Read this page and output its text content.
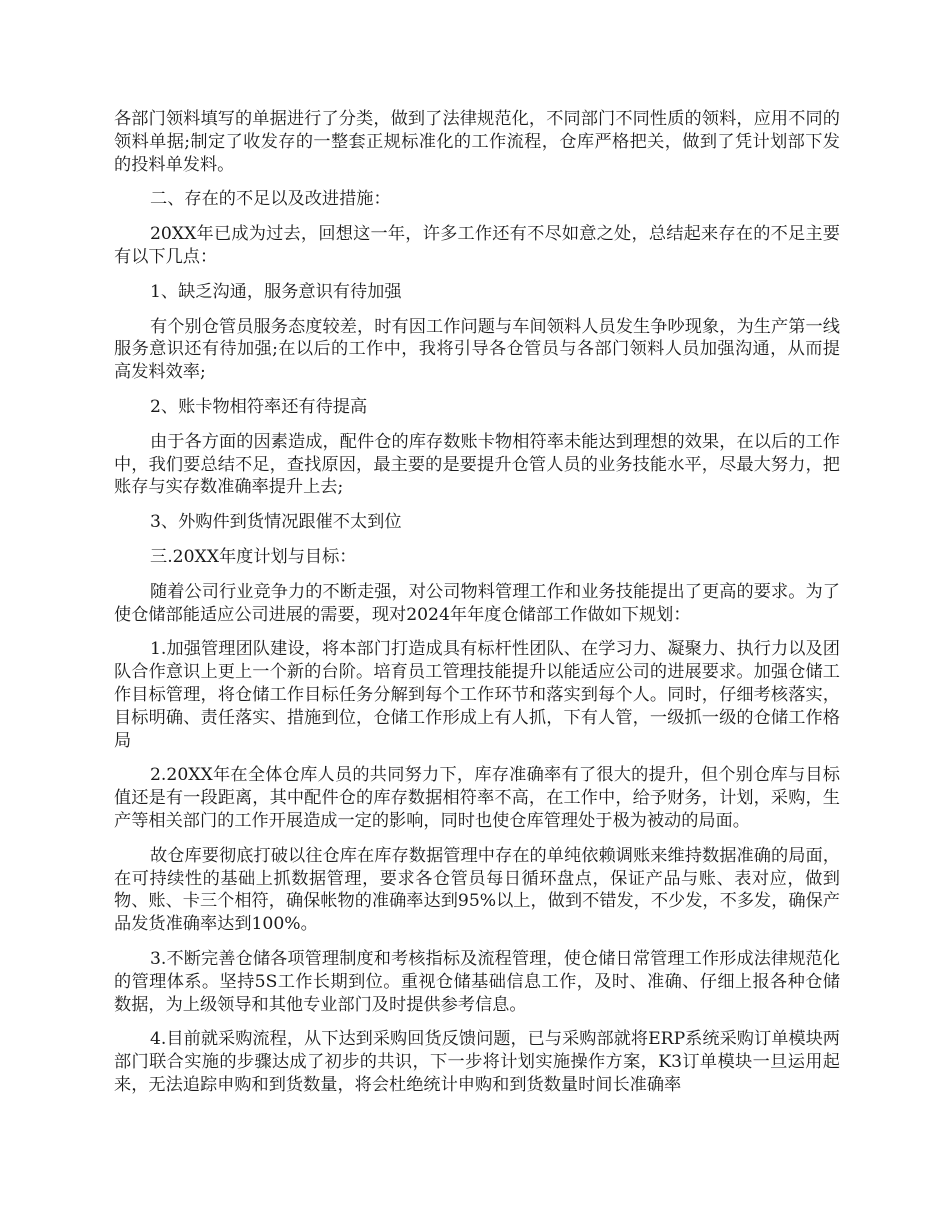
各部门领料填写的单据进行了分类，做到了法律规范化，不同部门不同性质的领料，应用不同的领料单据;制定了收发存的一整套正规标准化的工作流程，仓库严格把关，做到了凭计划部下发的投料单发料。

二、存在的不足以及改进措施：

20XX年已成为过去，回想这一年，许多工作还有不尽如意之处，总结起来存在的不足主要有以下几点：

1、缺乏沟通，服务意识有待加强

有个别仓管员服务态度较差，时有因工作问题与车间领料人员发生争吵现象，为生产第一线服务意识还有待加强;在以后的工作中，我将引导各仓管员与各部门领料人员加强沟通，从而提高发料效率;

2、账卡物相符率还有待提高

由于各方面的因素造成，配件仓的库存数账卡物相符率未能达到理想的效果，在以后的工作中，我们要总结不足，查找原因，最主要的是要提升仓管人员的业务技能水平，尽最大努力，把账存与实存数准确率提升上去;

3、外购件到货情况跟催不太到位

三.20XX年度计划与目标：

随着公司行业竞争力的不断走强，对公司物料管理工作和业务技能提出了更高的要求。为了使仓储部能适应公司进展的需要，现对2024年年度仓储部工作做如下规划：

1.加强管理团队建设，将本部门打造成具有标杆性团队、在学习力、凝聚力、执行力以及团队合作意识上更上一个新的台阶。培育员工管理技能提升以能适应公司的进展要求。加强仓储工作目标管理，将仓储工作目标任务分解到每个工作环节和落实到每个人。同时，仔细考核落实，目标明确、责任落实、措施到位，仓储工作形成上有人抓，下有人管，一级抓一级的仓储工作格局

2.20XX年在全体仓库人员的共同努力下，库存准确率有了很大的提升，但个别仓库与目标值还是有一段距离，其中配件仓的库存数据相符率不高，在工作中，给予财务，计划，采购，生产等相关部门的工作开展造成一定的影响，同时也使仓库管理处于极为被动的局面。

故仓库要彻底打破以往仓库在库存数据管理中存在的单纯依赖调账来维持数据准确的局面，在可持续性的基础上抓数据管理，要求各仓管员每日循环盘点，保证产品与账、表对应，做到物、账、卡三个相符，确保帐物的准确率达到95%以上，做到不错发，不少发，不多发，确保产品发货准确率达到100%。

3.不断完善仓储各项管理制度和考核指标及流程管理，使仓储日常管理工作形成法律规范化的管理体系。坚持5S工作长期到位。重视仓储基础信息工作，及时、准确、仔细上报各种仓储数据，为上级领导和其他专业部门及时提供参考信息。

4.目前就采购流程，从下达到采购回货反馈问题，已与采购部就将ERP系统采购订单模块两部门联合实施的步骤达成了初步的共识，下一步将计划实施操作方案，K3订单模块一旦运用起来，无法追踪申购和到货数量，将会杜绝统计申购和到货数量时间长准确率
